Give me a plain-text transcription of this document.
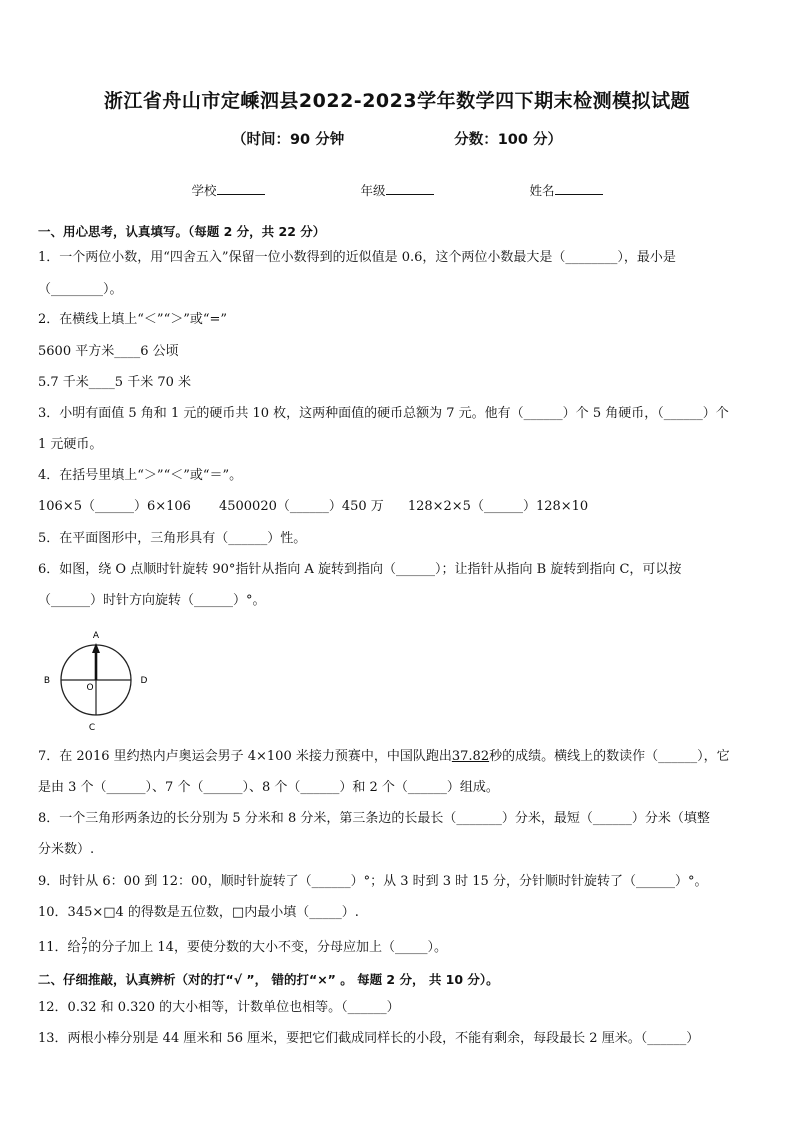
浙江省舟山市定嵊泗县2022-2023学年数学四下期末检测模拟试题
（时间：90 分钟	分数：100 分）
学校	年级	姓名
一、用心思考，认真填写。（每题 2 分，共 22 分）
1．一个两位小数，用“四舍五入”保留一位小数得到的近似值是 0.6，这个两位小数最大是（________），最小是
（________）。
2．在横线上填上“＜”“＞”或“=”
5600 平方米____6 公顷
5.7 千米____5 千米 70 米
3．小明有面值 5 角和 1 元的硬币共 10 枚，这两种面值的硬币总额为 7 元。他有（______）个 5 角硬币，（______）个
1 元硬币。
4．在括号里填上“＞”“＜”或“＝”。
106×5（______）6×106 4500020（______）450 万 128×2×5（______）128×10
5．在平面图形中，三角形具有（______）性。
6．如图，绕 O 点顺时针旋转 90°指针从指向 A 旋转到指向（______）；让指针从指向 B 旋转到指向 C，可以按
（______）时针方向旋转（______）°。
A
B
C
D
O
7．在 2016 里约热内卢奥运会男子 4×100 米接力预赛中，中国队跑出37.82秒的成绩。横线上的数读作（______），它
是由 3 个（______）、7 个（______）、8 个（______）和 2 个（______）组成。
8．一个三角形两条边的长分别为 5 分米和 8 分米，第三条边的长最长（_______）分米，最短（______）分米（填整
分米数）.
9．时针从 6：00 到 12：00，顺时针旋转了（______）°；从 3 时到 3 时 15 分，分针顺时针旋转了（______）°。
10．345×□4 的得数是五位数，□内最小填（_____）.
11．给 $\frac{2}{7}$ 的分子加上 14，要使分数的大小不变，分母应加上（_____）。
二、仔细推敲，认真辨析（对的打“√ ”， 错的打“×” 。 每题 2 分， 共 10 分）。
12．0.32 和 0.320 的大小相等，计数单位也相等。（______）
13．两根小棒分别是 44 厘米和 56 厘米，要把它们截成同样长的小段，不能有剩余，每段最长 2 厘米。（______）
